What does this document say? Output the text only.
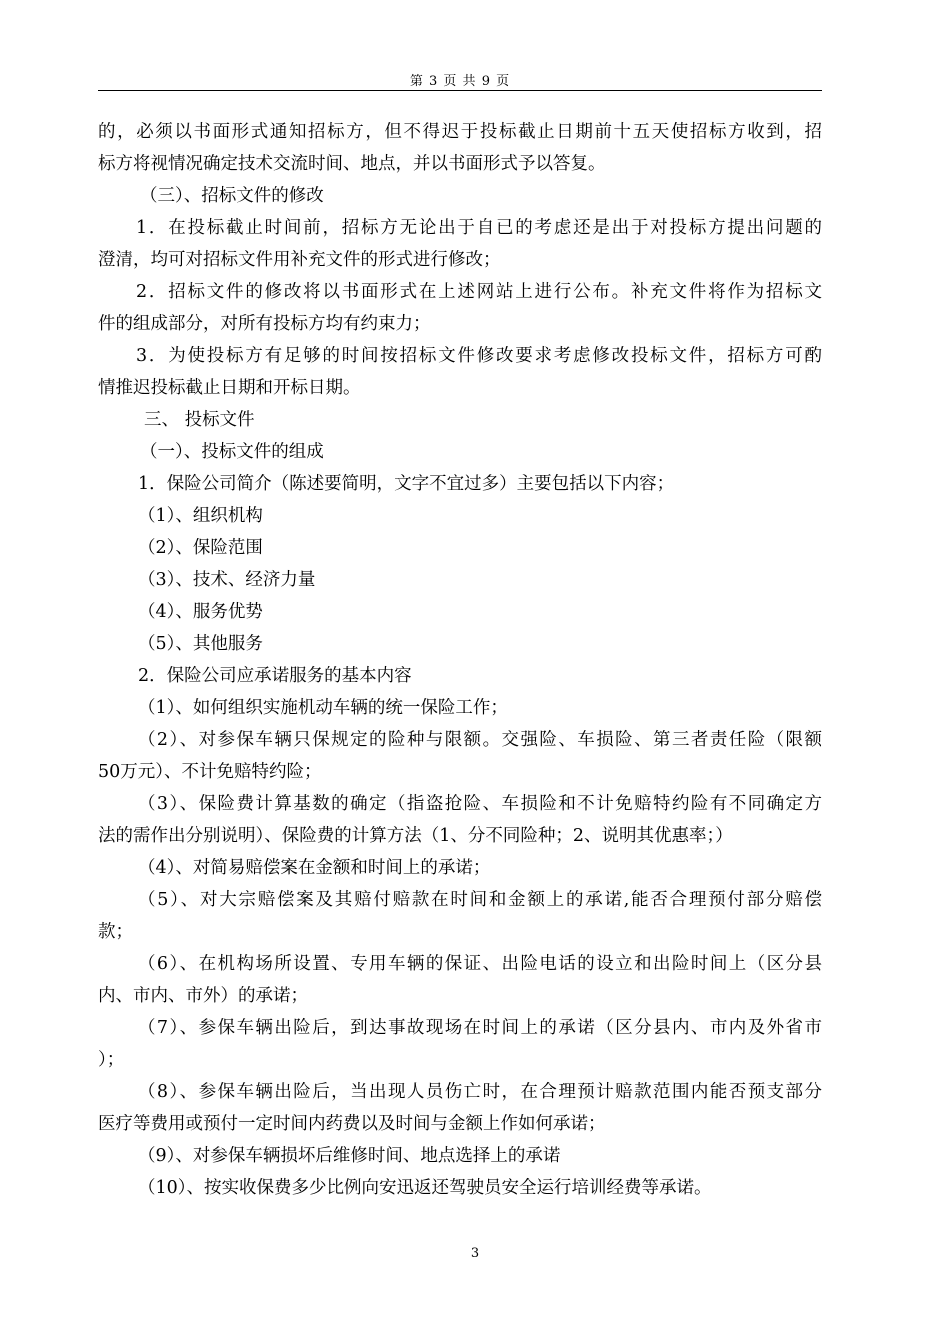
第 3 页 共 9 页
的，必须以书面形式通知招标方，但不得迟于投标截止日期前十五天使招标方收到，招
标方将视情况确定技术交流时间、地点，并以书面形式予以答复。
（三）、招标文件的修改
1．在投标截止时间前，招标方无论出于自已的考虑还是出于对投标方提出问题的
澄清，均可对招标文件用补充文件的形式进行修改；
2．招标文件的修改将以书面形式在上述网站上进行公布。补充文件将作为招标文
件的组成部分，对所有投标方均有约束力；
3．为使投标方有足够的时间按招标文件修改要求考虑修改投标文件，招标方可酌
情推迟投标截止日期和开标日期。
三、 投标文件
（一）、投标文件的组成
1．保险公司简介（陈述要简明，文字不宜过多）主要包括以下内容；
（1）、组织机构
（2）、保险范围
（3）、技术、经济力量
（4）、服务优势
（5）、其他服务
2．保险公司应承诺服务的基本内容
（1）、如何组织实施机动车辆的统一保险工作；
（2）、对参保车辆只保规定的险种与限额。交强险、车损险、第三者责任险（限额
50万元）、不计免赔特约险；
（3）、保险费计算基数的确定（指盗抢险、车损险和不计免赔特约险有不同确定方
法的需作出分别说明）、保险费的计算方法（1、分不同险种；2、说明其优惠率；）
（4）、对简易赔偿案在金额和时间上的承诺；
（5）、对大宗赔偿案及其赔付赔款在时间和金额上的承诺,能否合理预付部分赔偿
款；
（6）、在机构场所设置、专用车辆的保证、出险电话的设立和出险时间上（区分县
内、市内、市外）的承诺；
（7）、参保车辆出险后，到达事故现场在时间上的承诺（区分县内、市内及外省市
）；
（8）、参保车辆出险后，当出现人员伤亡时，在合理预计赔款范围内能否预支部分
医疗等费用或预付一定时间内药费以及时间与金额上作如何承诺；
（9）、对参保车辆损坏后维修时间、地点选择上的承诺
（10）、按实收保费多少比例向安迅返还驾驶员安全运行培训经费等承诺。
3
